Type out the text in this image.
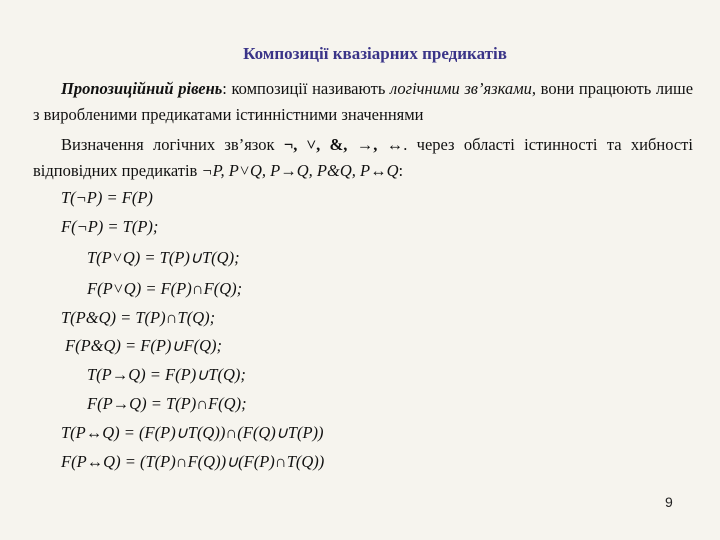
Композиції квазіарних предикатів
Пропозиційний рівень: композиції називають логічними зв’язками, вони працюють лише з виробленими предикатами істинністними значеннями
Визначення логічних зв’язок ¬, ˅, &, →, ↔. через області істинності та хибності відповідних предикатів ¬P, P˅Q, P→Q, P&Q, P↔Q:
T(¬P) = F(P)
F(¬P) = T(P);
T(P˅Q) = T(P)∪T(Q);
F(P˅Q) = F(P)∩F(Q);
T(P&Q) = T(P)∩T(Q);
F(P&Q) = F(P)∪F(Q);
T(P→Q) = F(P)∪T(Q);
F(P→Q) = T(P)∩F(Q);
T(P↔Q) = (F(P)∪T(Q))∩(F(Q)∪T(P))
F(P↔Q) = (T(P)∩F(Q))∪(F(P)∩T(Q))
9
